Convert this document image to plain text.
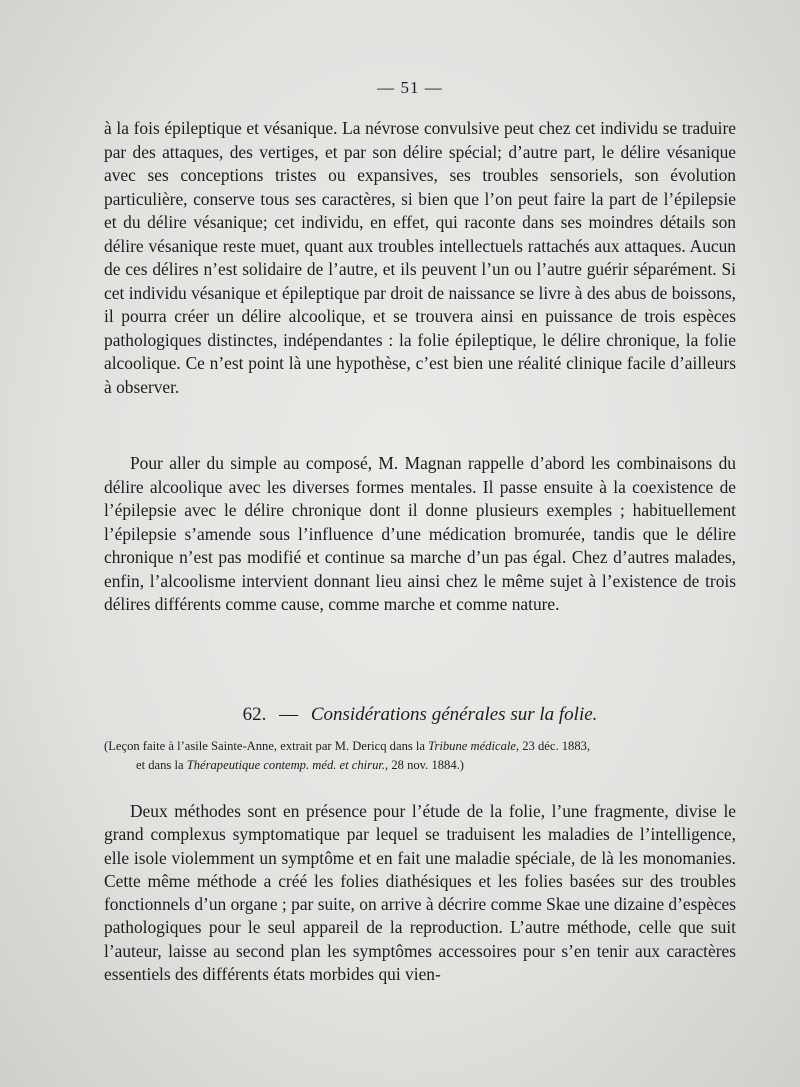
— 51 —

à la fois épileptique et vésanique. La névrose convulsive peut chez cet individu se traduire par des attaques, des vertiges, et par son délire spécial; d’autre part, le délire vésanique avec ses conceptions tristes ou expansives, ses troubles sensoriels, son évolution particulière, conserve tous ses caractères, si bien que l’on peut faire la part de l’épilepsie et du délire vésanique; cet individu, en effet, qui raconte dans ses moindres détails son délire vésanique reste muet, quant aux troubles intellectuels rattachés aux attaques. Aucun de ces délires n’est solidaire de l’autre, et ils peuvent l’un ou l’autre guérir séparément. Si cet individu vésanique et épileptique par droit de naissance se livre à des abus de boissons, il pourra créer un délire alcoolique, et se trouvera ainsi en puissance de trois espèces pathologiques distinctes, indépendantes : la folie épileptique, le délire chronique, la folie alcoolique. Ce n’est point là une hypothèse, c’est bien une réalité clinique facile d’ailleurs à observer.

Pour aller du simple au composé, M. Magnan rappelle d’abord les combinaisons du délire alcoolique avec les diverses formes mentales. Il passe ensuite à la coexistence de l’épilepsie avec le délire chronique dont il donne plusieurs exemples ; habituellement l’épilepsie s’amende sous l’influence d’une médication bromurée, tandis que le délire chronique n’est pas modifié et continue sa marche d’un pas égal. Chez d’autres malades, enfin, l’alcoolisme intervient donnant lieu ainsi chez le même sujet à l’existence de trois délires différents comme cause, comme marche et comme nature.

62. — Considérations générales sur la folie.
(Leçon faite à l’asile Sainte-Anne, extrait par M. Dericq dans la Tribune médicale, 23 déc. 1883,
et dans la Thérapeutique contemp. méd. et chirur., 28 nov. 1884.)

Deux méthodes sont en présence pour l’étude de la folie, l’une fragmente, divise le grand complexus symptomatique par lequel se traduisent les maladies de l’intelligence, elle isole violemment un symptôme et en fait une maladie spéciale, de là les monomanies. Cette même méthode a créé les folies diathésiques et les folies basées sur des troubles fonctionnels d’un organe ; par suite, on arrive à décrire comme Skae une dizaine d’espèces pathologiques pour le seul appareil de la reproduction. L’autre méthode, celle que suit l’auteur, laisse au second plan les symptômes accessoires pour s’en tenir aux caractères essentiels des différents états morbides qui vien-
